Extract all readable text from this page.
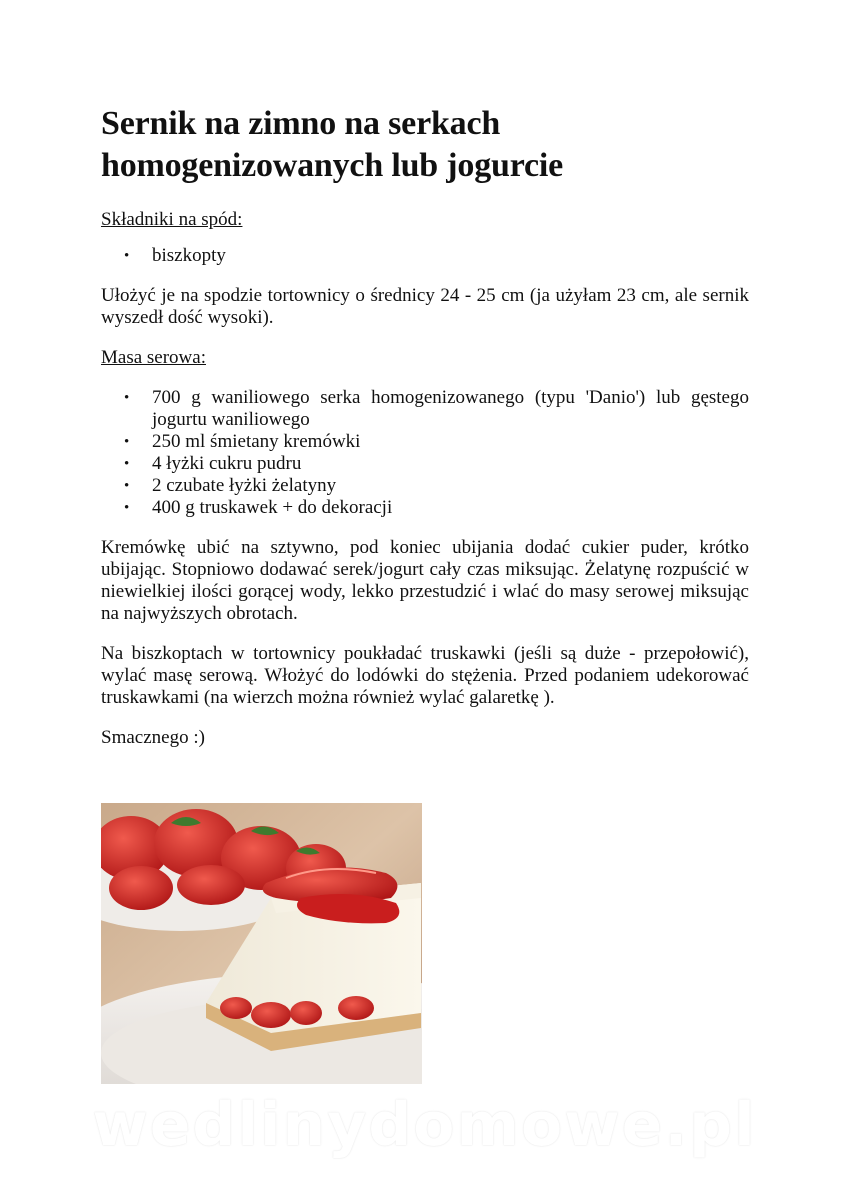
Sernik na zimno na serkach
homogenizowanych lub jogurcie
Składniki na spód:
• biszkopty

Ułożyć je na spodzie tortownicy o średnicy 24 - 25 cm (ja użyłam 23 cm, ale sernik wyszedł dość wysoki).

Masa serowa:
• 700 g waniliowego serka homogenizowanego (typu 'Danio') lub gęstego jogurtu waniliowego
• 250 ml śmietany kremówki
• 4 łyżki cukru pudru
• 2 czubate łyżki żelatyny
• 400 g truskawek + do dekoracji

Kremówkę ubić na sztywno, pod koniec ubijania dodać cukier puder, krótko ubijając. Stopniowo dodawać serek/jogurt cały czas miksując. Żelatynę rozpuścić w niewielkiej ilości gorącej wody, lekko przestudzić i wlać do masy serowej miksując na najwyższych obrotach.

Na biszkoptach w tortownicy poukładać truskawki (jeśli są duże - przepołowić), wylać masę serową. Włożyć do lodówki do stężenia. Przed podaniem udekorować truskawkami (na wierzch można również wylać galaretkę ).

Smacznego :)

wedlinydomowe.pl
